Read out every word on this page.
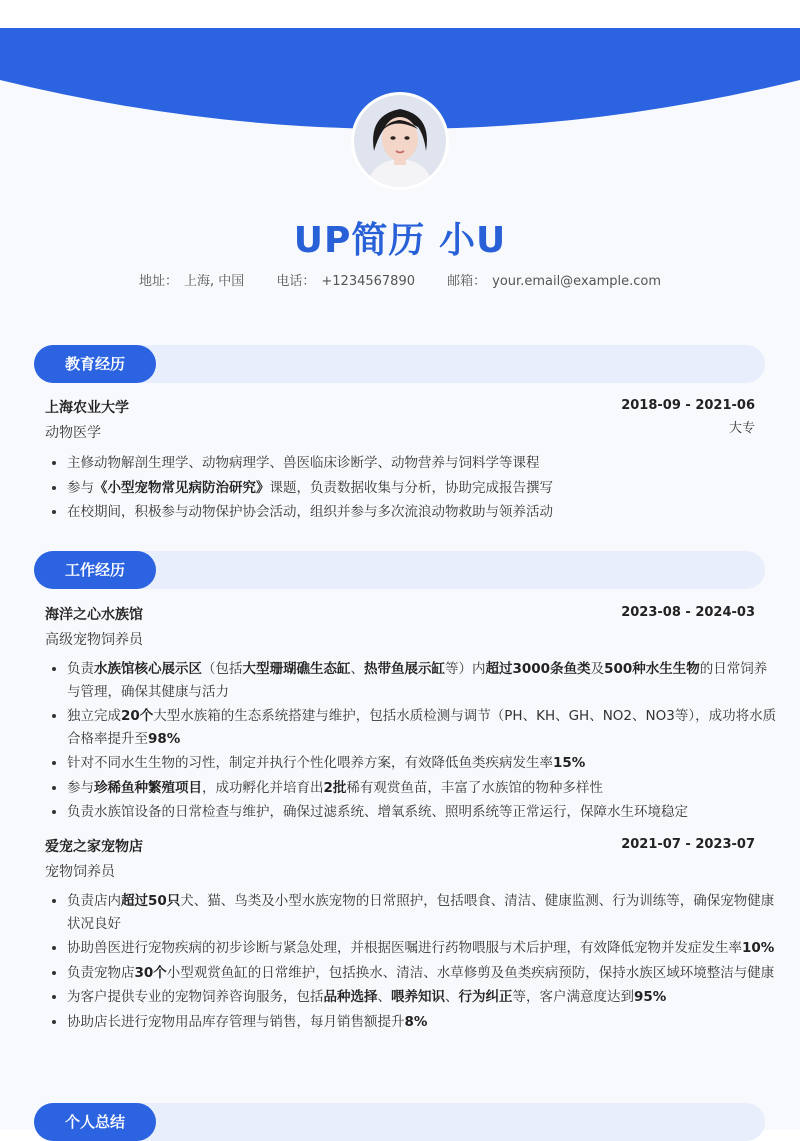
UP简历 小U
地址： 上海, 中国 电话： +1234567890 邮箱： your.email@example.com
教育经历
上海农业大学	2018-09 - 2021-06
动物医学	大专
• 主修动物解剖生理学、动物病理学、兽医临床诊断学、动物营养与饲料学等课程
• 参与《小型宠物常见病防治研究》课题，负责数据收集与分析，协助完成报告撰写
• 在校期间，积极参与动物保护协会活动，组织并参与多次流浪动物救助与领养活动
工作经历
海洋之心水族馆	2023-08 - 2024-03
高级宠物饲养员
• 负责水族馆核心展示区（包括大型珊瑚礁生态缸、热带鱼展示缸等）内超过3000条鱼类及500种水生生物的日常饲养与管理，确保其健康与活力
• 独立完成20个大型水族箱的生态系统搭建与维护，包括水质检测与调节（PH、KH、GH、NO2、NO3等），成功将水质合格率提升至98%
• 针对不同水生生物的习性，制定并执行个性化喂养方案，有效降低鱼类疾病发生率15%
• 参与珍稀鱼种繁殖项目，成功孵化并培育出2批稀有观赏鱼苗，丰富了水族馆的物种多样性
• 负责水族馆设备的日常检查与维护，确保过滤系统、增氧系统、照明系统等正常运行，保障水生环境稳定
爱宠之家宠物店	2021-07 - 2023-07
宠物饲养员
• 负责店内超过50只犬、猫、鸟类及小型水族宠物的日常照护，包括喂食、清洁、健康监测、行为训练等，确保宠物健康状况良好
• 协助兽医进行宠物疾病的初步诊断与紧急处理，并根据医嘱进行药物喂服与术后护理，有效降低宠物并发症发生率10%
• 负责宠物店30个小型观赏鱼缸的日常维护，包括换水、清洁、水草修剪及鱼类疾病预防，保持水族区域环境整洁与健康
• 为客户提供专业的宠物饲养咨询服务，包括品种选择、喂养知识、行为纠正等，客户满意度达到95%
• 协助店长进行宠物用品库存管理与销售，每月销售额提升8%
个人总结
